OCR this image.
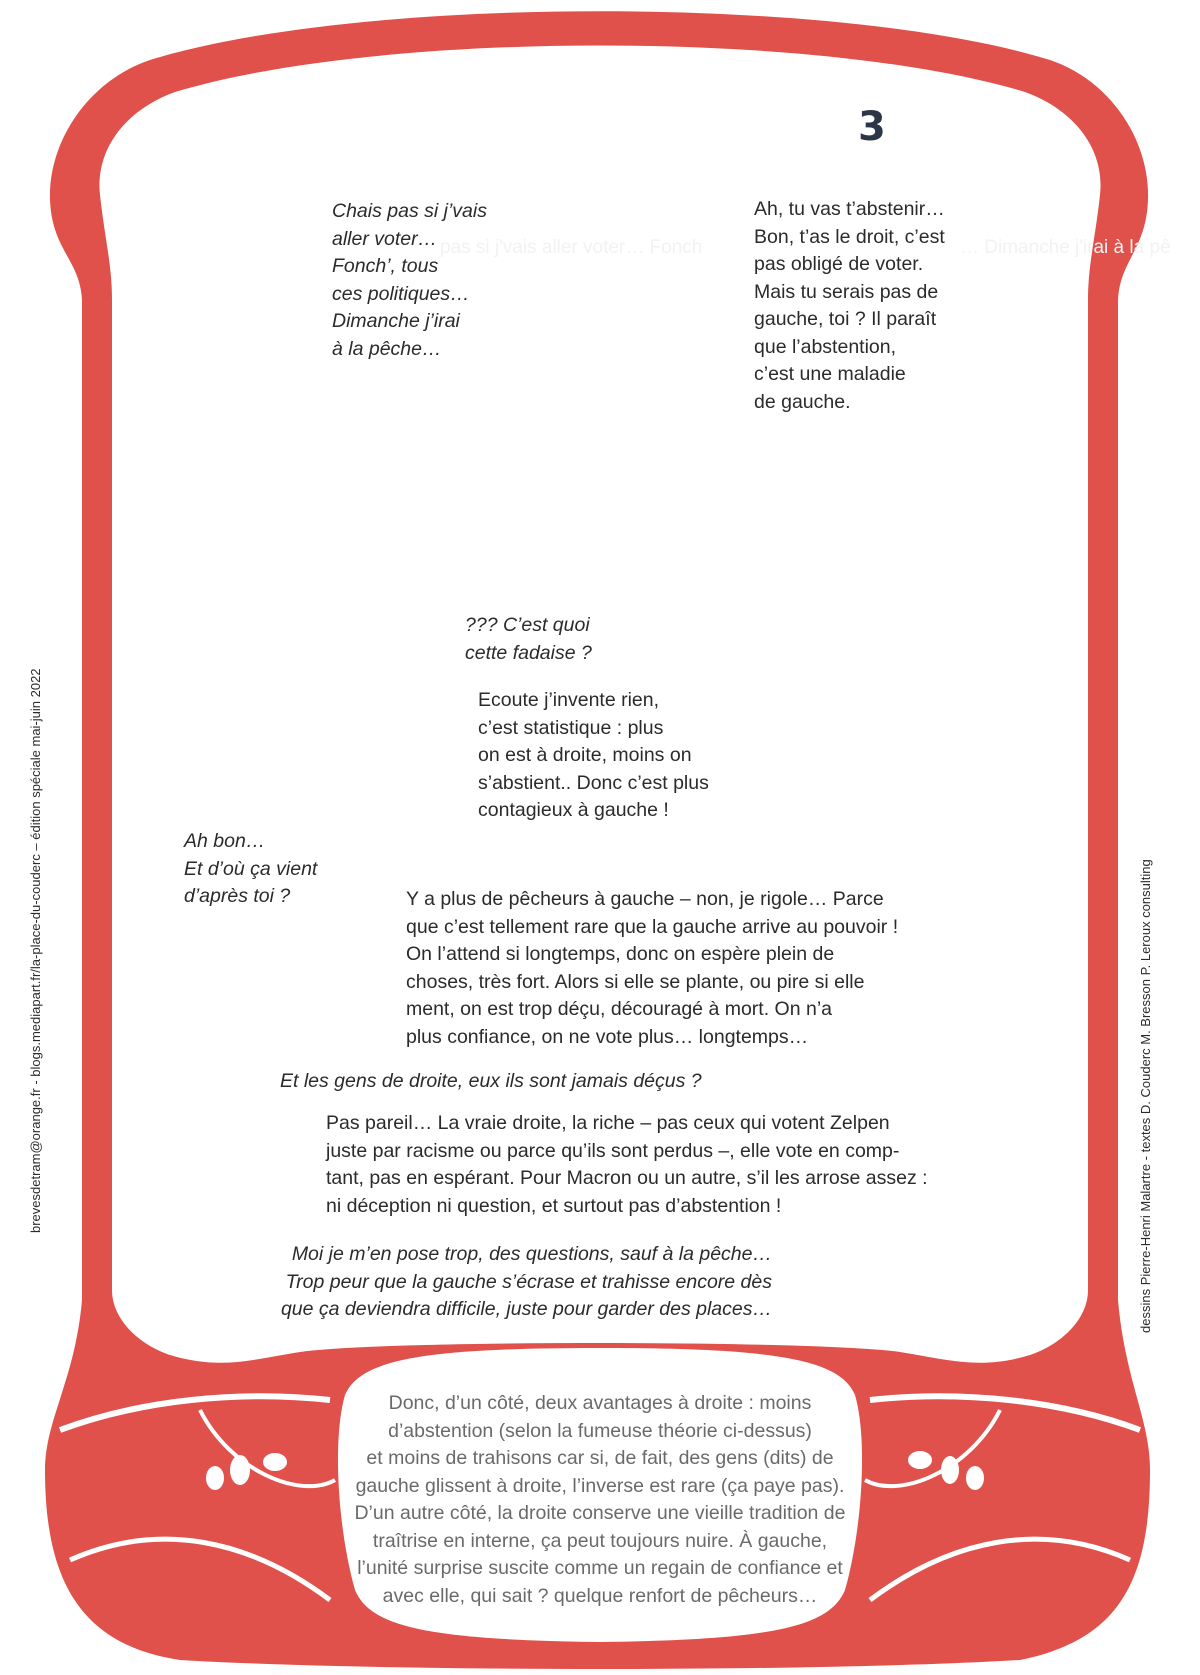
3
pas si j'vais aller voter… Fonch	… Dimanche j'irai à la pê
brevesdetram@orange.fr - blogs.mediapart.fr/la-place-du-couderc – édition spéciale mai-juin 2022	dessins Pierre-Henri Malartre - textes D. Couderc M. Bresson P. Leroux consulting
Chais pas si j’vais
aller voter…
Fonch’, tous
ces politiques…
Dimanche j’irai
à la pêche…
Ah, tu vas t’abstenir…
Bon, t’as le droit, c’est
pas obligé de voter.
Mais tu serais pas de
gauche, toi ? Il paraît
que l’abstention,
c’est une maladie
de gauche.
??? C’est quoi
cette fadaise ?
Ecoute j’invente rien,
c’est statistique : plus
on est à droite, moins on
s’abstient.. Donc c’est plus
contagieux à gauche !
Ah bon…
Et d’où ça vient
d’après toi ?	Y a plus de pêcheurs à gauche – non, je rigole… Parce
que c’est tellement rare que la gauche arrive au pouvoir !
On l’attend si longtemps, donc on espère plein de
choses, très fort. Alors si elle se plante, ou pire si elle
ment, on est trop déçu, découragé à mort. On n’a
plus confiance, on ne vote plus… longtemps…
Et les gens de droite, eux ils sont jamais déçus ?
Pas pareil… La vraie droite, la riche – pas ceux qui votent Zelpen
juste par racisme ou parce qu’ils sont perdus –, elle vote en comp-
tant, pas en espérant. Pour Macron ou un autre, s’il les arrose assez :
ni déception ni question, et surtout pas d’abstention !
Moi je m’en pose trop, des questions, sauf à la pêche…
Trop peur que la gauche s’écrase et trahisse encore dès
que ça deviendra difficile, juste pour garder des places…
Donc, d’un côté, deux avantages à droite : moins
d’abstention (selon la fumeuse théorie ci-dessus)
et moins de trahisons car si, de fait, des gens (dits) de
gauche glissent à droite, l’inverse est rare (ça paye pas).
D’un autre côté, la droite conserve une vieille tradition de
traîtrise en interne, ça peut toujours nuire. À gauche,
l’unité surprise suscite comme un regain de confiance et
avec elle, qui sait ? quelque renfort de pêcheurs…
